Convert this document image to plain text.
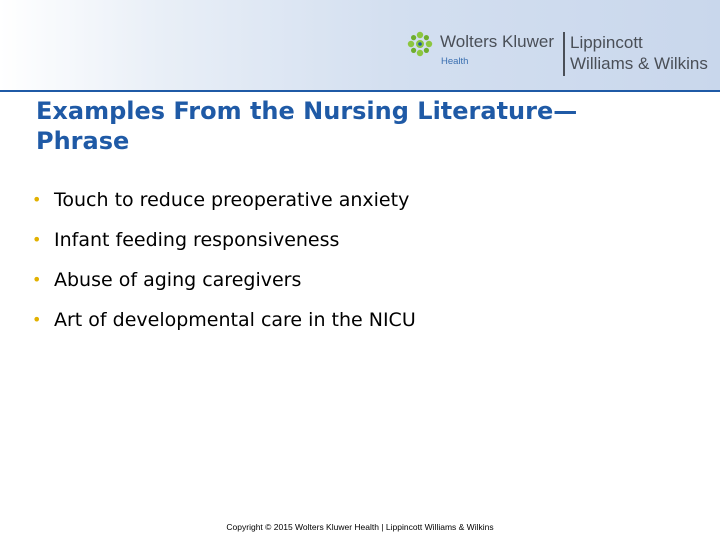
Wolters Kluwer
Health
Lippincott
Williams & Wilkins
Examples From the Nursing Literature—
Phrase
• Touch to reduce preoperative anxiety
• Infant feeding responsiveness
• Abuse of aging caregivers
• Art of developmental care in the NICU
Copyright © 2015 Wolters Kluwer Health | Lippincott Williams & Wilkins
